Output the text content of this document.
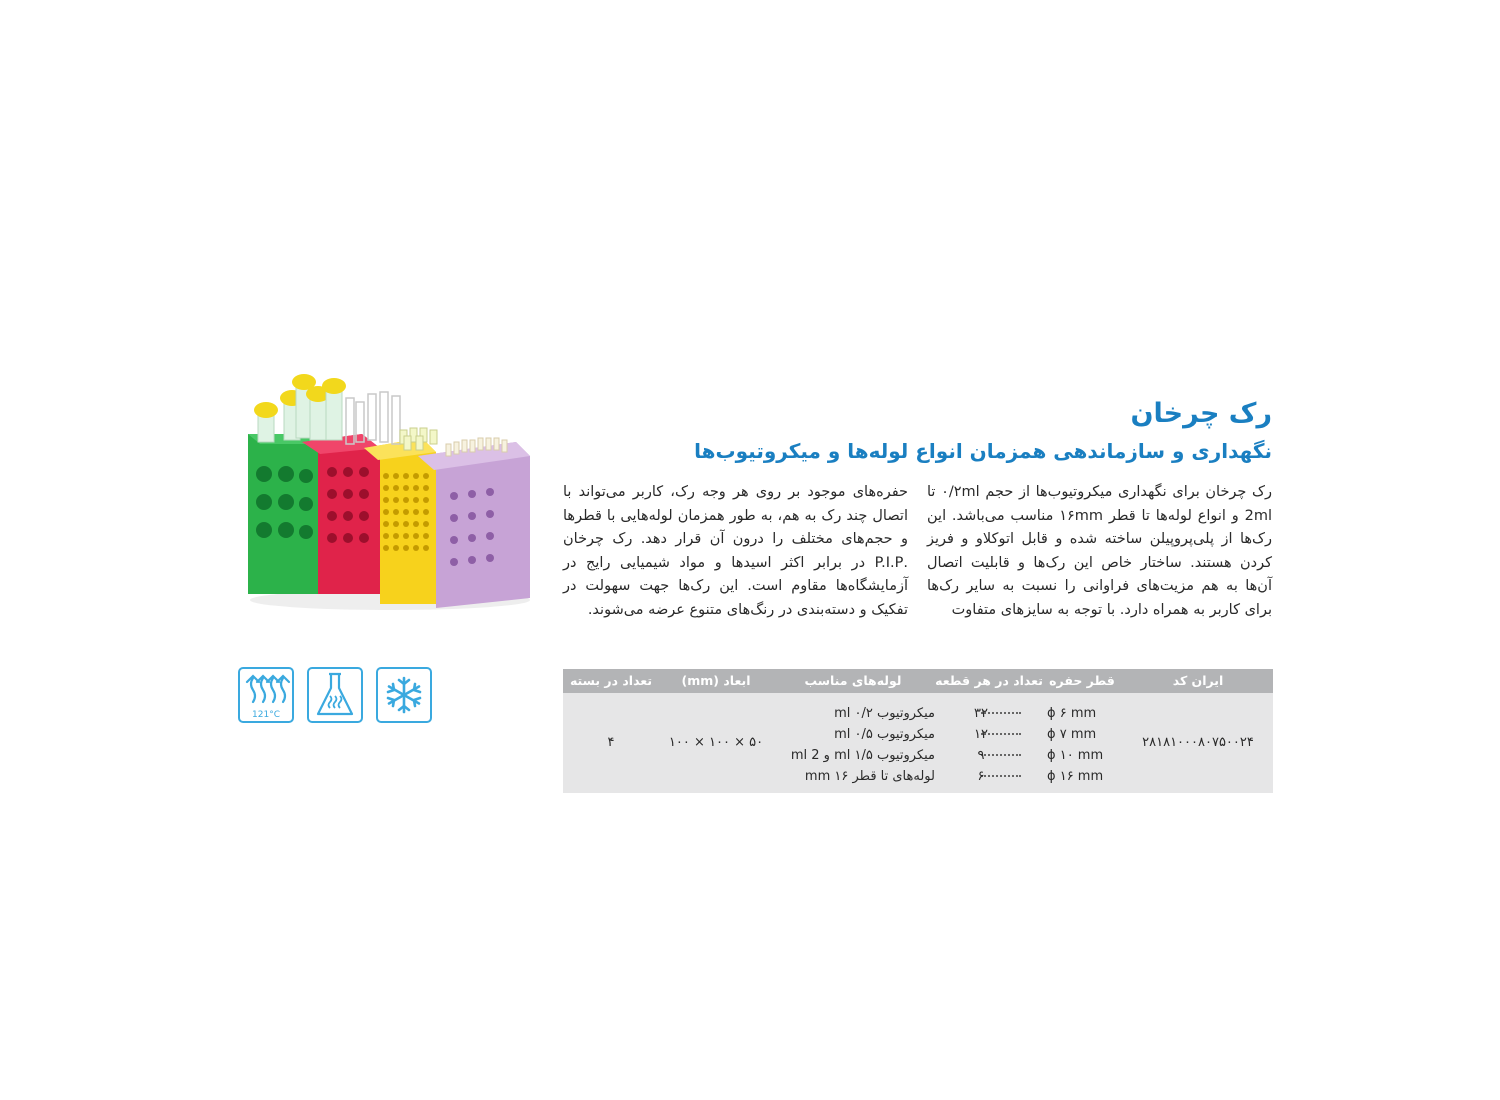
121°C
رک چرخان
نگهداری و سازماندهی همزمان انواع لوله‌ها و میکروتیوب‌ها

رک چرخان برای نگهداری میکروتیوب‌ها از حجم ۰/۲ml تا 2ml و انواع لوله‌ها تا قطر ۱۶mm مناسب می‌باشد. این رک‌ها از پلی‌پروپیلن ساخته شده و قابل اتوکلاو و فریز کردن هستند. ساختار خاص این رک‌ها و قابلیت اتصال آن‌ها به هم مزیت‌های فراوانی را نسبت به سایر رک‌ها برای کاربر به همراه دارد. با توجه به سایزهای متفاوت

حفره‌های موجود بر روی هر وجه رک، کاربر می‌تواند با اتصال چند رک به هم، به طور همزمان لوله‌هایی با قطرها و حجم‌های مختلف را درون آن قرار دهد. رک چرخان .P.I.P در برابر اکثر اسیدها و مواد شیمیایی رایج در آزمایشگاه‌ها مقاوم است. این رک‌ها جهت سهولت در تفکیک و دسته‌بندی در رنگ‌های متنوع عرضه می‌شوند.

ایران کد
قطر حفره
تعداد در هر قطعه
لوله‌های مناسب
ابعاد (mm)
تعداد در بسته
۲۸۱۸۱۰۰۰۸۰۷۵۰۰۲۴
ϕ ۶ mm
ϕ ۷ mm
ϕ ۱۰ mm
ϕ ۱۶ mm
۳۲
۱۲
۹
۶
میکروتیوب ۰/۲ ml
میکروتیوب ۰/۵ ml
میکروتیوب ۱/۵ ml و 2 ml
لوله‌های تا قطر ۱۶ mm
۵۰ × ۱۰۰ × ۱۰۰
۴
